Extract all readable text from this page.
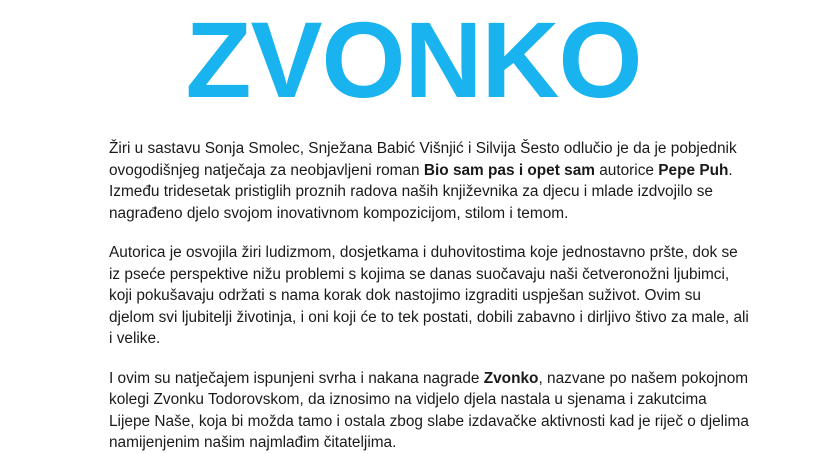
ZVONKO

Žiri u sastavu Sonja Smolec, Snježana Babić Višnjić i Silvija Šesto odlučio je da je pobjednik ovogodišnjeg natječaja za neobjavljeni roman Bio sam pas i opet sam autorice Pepe Puh. Između tridesetak pristiglih proznih radova naših književnika za djecu i mlade izdvojilo se nagrađeno djelo svojom inovativnom kompozicijom, stilom i temom.

Autorica je osvojila žiri ludizmom, dosjetkama i duhovitostima koje jednostavno pršte, dok se iz pseće perspektive nižu problemi s kojima se danas suočavaju naši četveronožni ljubimci, koji pokušavaju održati s nama korak dok nastojimo izgraditi uspješan suživot. Ovim su djelom svi ljubitelji životinja, i oni koji će to tek postati, dobili zabavno i dirljivo štivo za male, ali i velike.

I ovim su natječajem ispunjeni svrha i nakana nagrade Zvonko, nazvane po našem pokojnom kolegi Zvonku Todorovskom, da iznosimo na vidjelo djela nastala u sjenama i zakutcima Lijepe Naše, koja bi možda tamo i ostala zbog slabe izdavačke aktivnosti kad je riječ o djelima namijenjenim našim najmlađim čitateljima.
